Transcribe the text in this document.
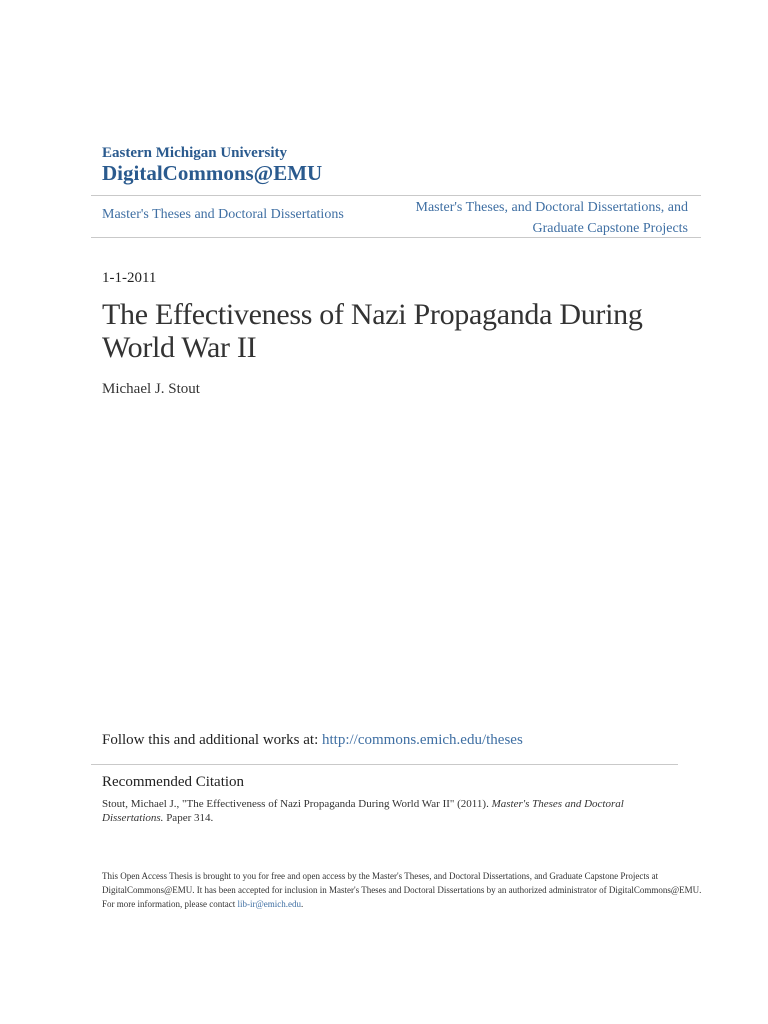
Eastern Michigan University
DigitalCommons@EMU
Master's Theses and Doctoral Dissertations	Master's Theses, and Doctoral Dissertations, and
Graduate Capstone Projects
1-1-2011
The Effectiveness of Nazi Propaganda During World War II
Michael J. Stout
Follow this and additional works at: http://commons.emich.edu/theses
Recommended Citation
Stout, Michael J., "The Effectiveness of Nazi Propaganda During World War II" (2011). Master's Theses and Doctoral Dissertations. Paper 314.
This Open Access Thesis is brought to you for free and open access by the Master's Theses, and Doctoral Dissertations, and Graduate Capstone Projects at DigitalCommons@EMU. It has been accepted for inclusion in Master's Theses and Doctoral Dissertations by an authorized administrator of DigitalCommons@EMU. For more information, please contact lib-ir@emich.edu.
